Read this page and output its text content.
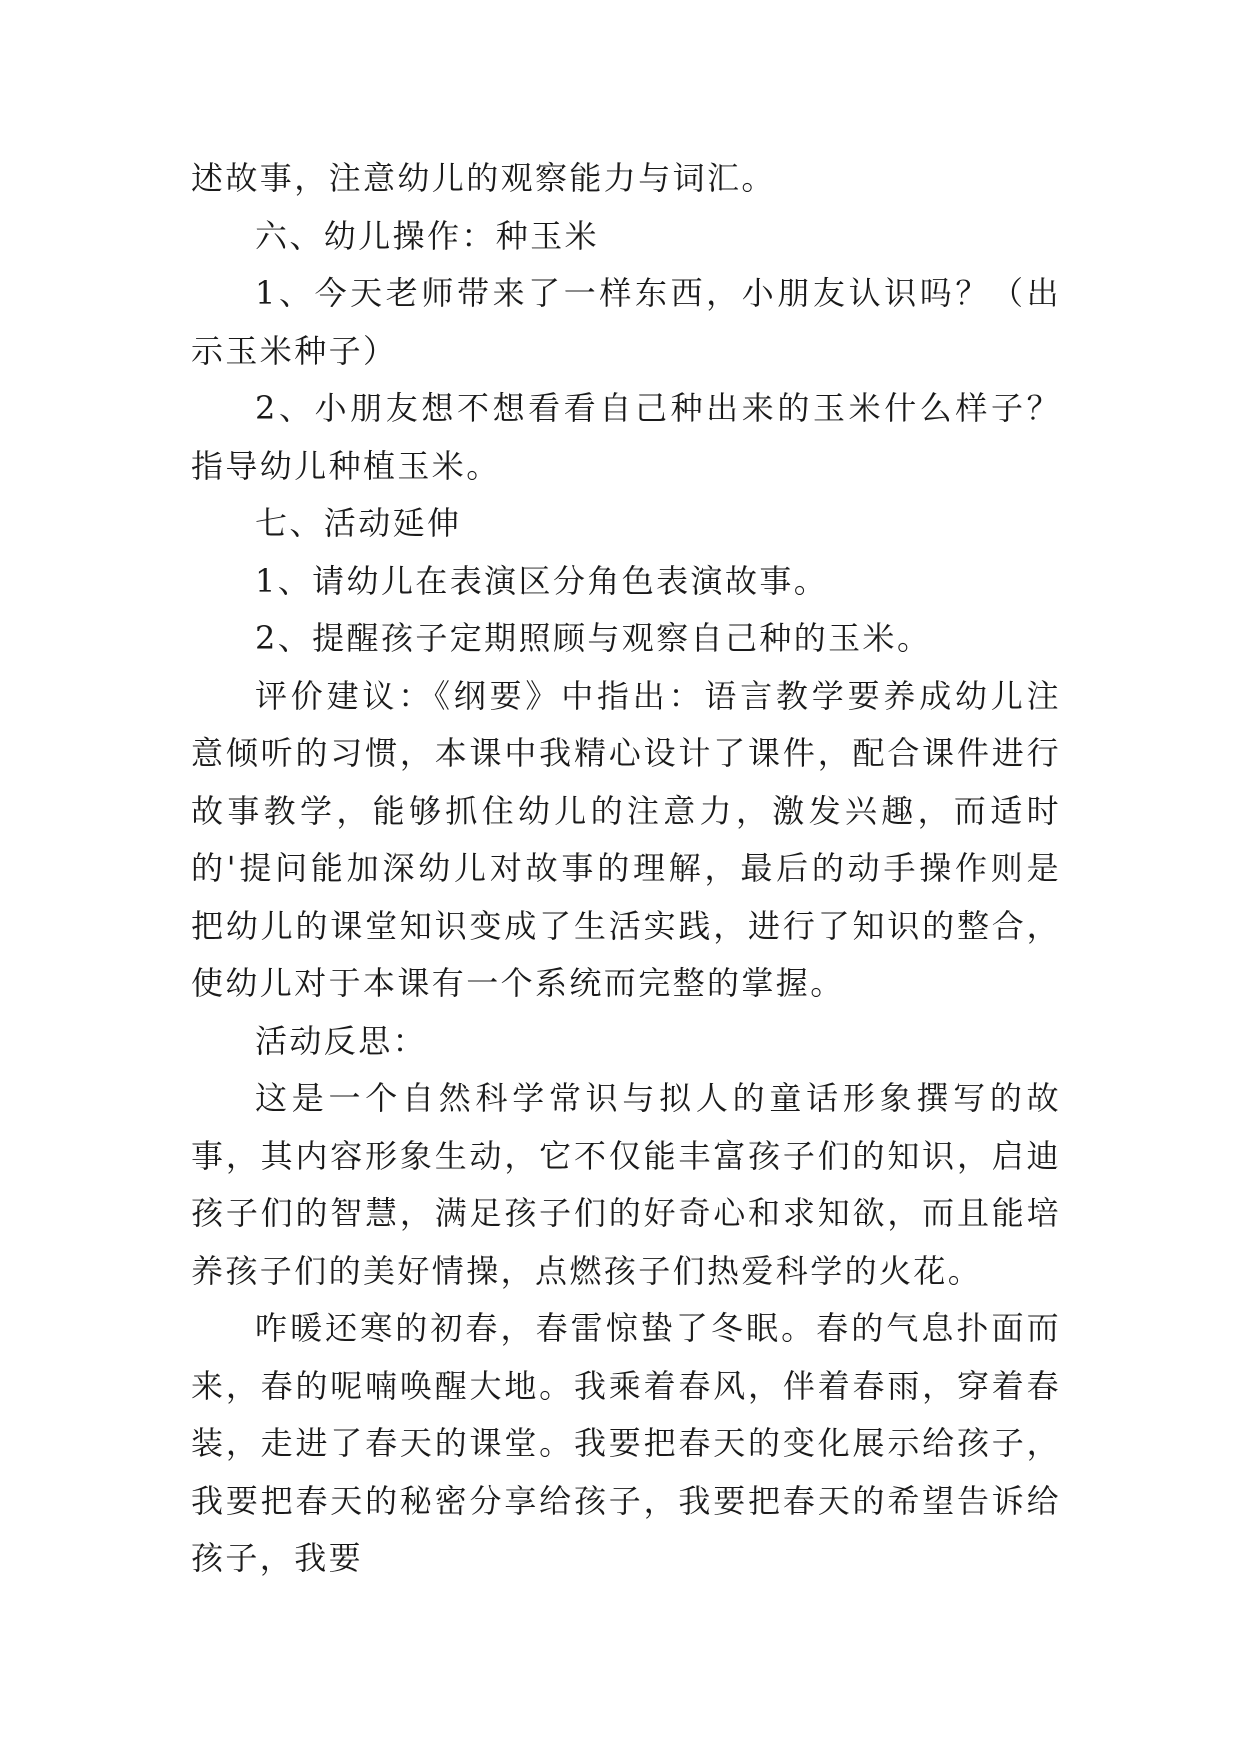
述故事，注意幼儿的观察能力与词汇。

六、幼儿操作：种玉米

1、今天老师带来了一样东西，小朋友认识吗？（出示玉米种子）

2、小朋友想不想看看自己种出来的玉米什么样子？指导幼儿种植玉米。

七、活动延伸

1、请幼儿在表演区分角色表演故事。

2、提醒孩子定期照顾与观察自己种的玉米。

评价建议：《纲要》中指出：语言教学要养成幼儿注意倾听的习惯，本课中我精心设计了课件，配合课件进行故事教学，能够抓住幼儿的注意力，激发兴趣，而适时的'提问能加深幼儿对故事的理解，最后的动手操作则是把幼儿的课堂知识变成了生活实践，进行了知识的整合，使幼儿对于本课有一个系统而完整的掌握。

活动反思：

这是一个自然科学常识与拟人的童话形象撰写的故事，其内容形象生动，它不仅能丰富孩子们的知识，启迪孩子们的智慧，满足孩子们的好奇心和求知欲，而且能培养孩子们的美好情操，点燃孩子们热爱科学的火花。

咋暖还寒的初春，春雷惊蛰了冬眠。春的气息扑面而来，春的呢喃唤醒大地。我乘着春风，伴着春雨，穿着春装，走进了春天的课堂。我要把春天的变化展示给孩子，我要把春天的秘密分享给孩子，我要把春天的希望告诉给孩子，我要
